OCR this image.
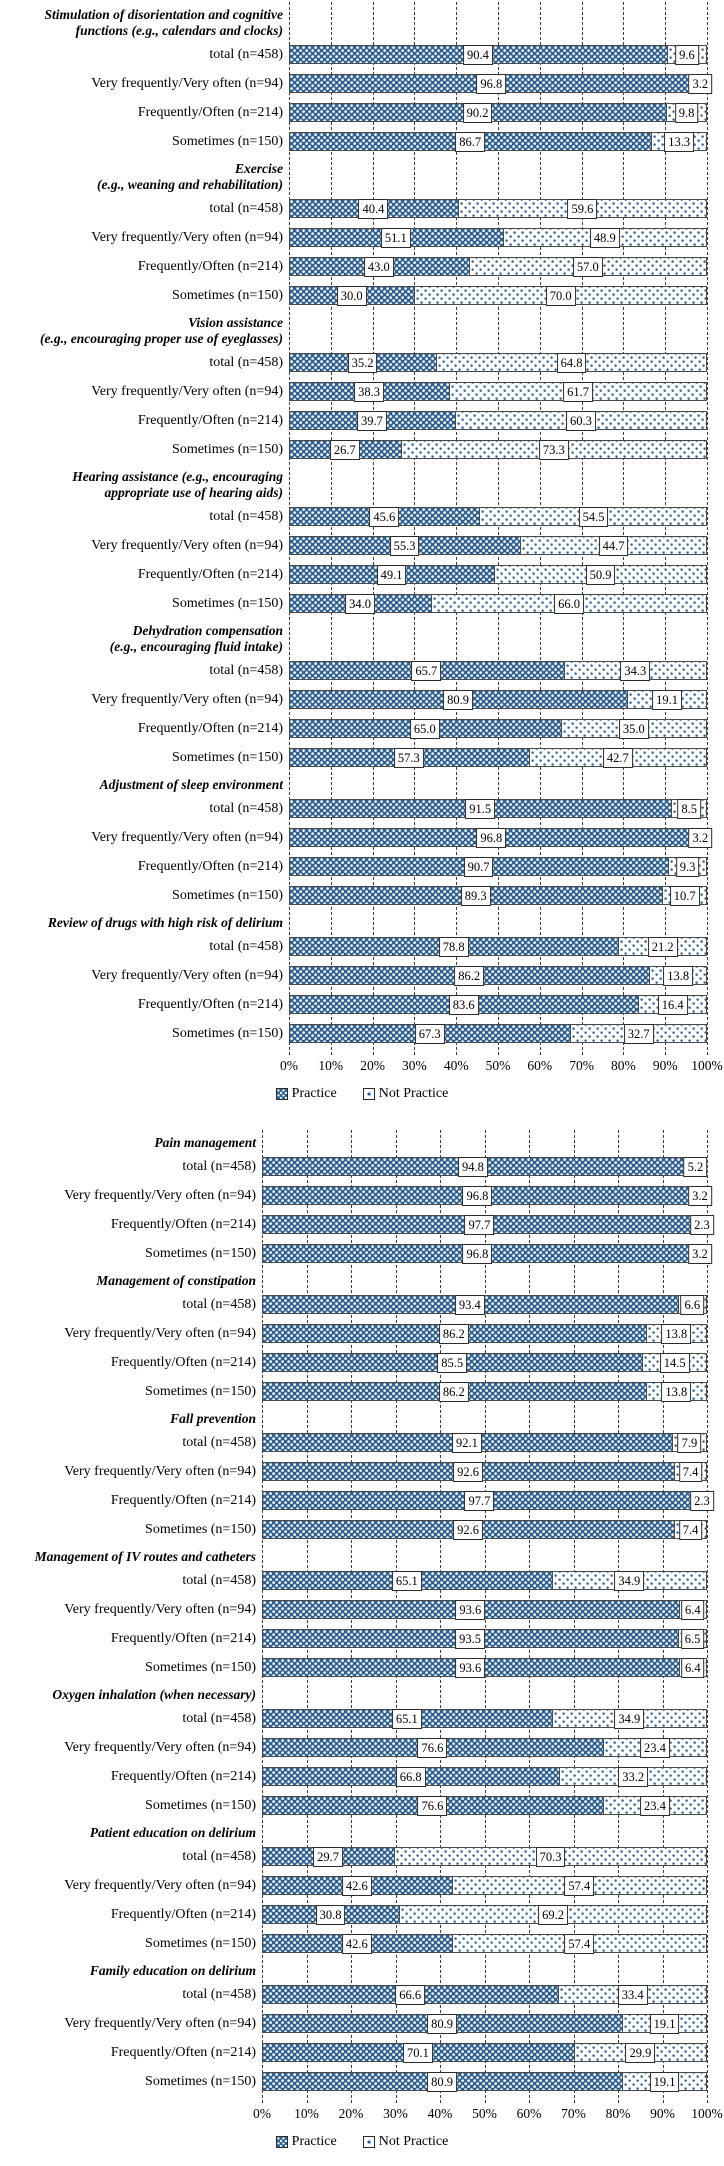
Stimulation of disorientation and cognitive
functions (e.g., calendars and clocks)
total (n=458)	90.4	9.6
Very frequently/Very often (n=94)	96.8	3.2
Frequently/Often (n=214)	90.2	9.8
Sometimes (n=150)	86.7	13.3
Exercise
(e.g., weaning and rehabilitation)
total (n=458)	40.4	59.6
Very frequently/Very often (n=94)	51.1	48.9
Frequently/Often (n=214)	43.0	57.0
Sometimes (n=150)	30.0	70.0
Vision assistance
(e.g., encouraging proper use of eyeglasses)
total (n=458)	35.2	64.8
Very frequently/Very often (n=94)	38.3	61.7
Frequently/Often (n=214)	39.7	60.3
Sometimes (n=150)	26.7	73.3
Hearing assistance (e.g., encouraging
appropriate use of hearing aids)
total (n=458)	45.6	54.5
Very frequently/Very often (n=94)	55.3	44.7
Frequently/Often (n=214)	49.1	50.9
Sometimes (n=150)	34.0	66.0
Dehydration compensation
(e.g., encouraging fluid intake)
total (n=458)	65.7	34.3
Very frequently/Very often (n=94)	80.9	19.1
Frequently/Often (n=214)	65.0	35.0
Sometimes (n=150)	57.3	42.7
Adjustment of sleep environment
total (n=458)	91.5	8.5
Very frequently/Very often (n=94)	96.8	3.2
Frequently/Often (n=214)	90.7	9.3
Sometimes (n=150)	89.3	10.7
Review of drugs with high risk of delirium
total (n=458)	78.8	21.2
Very frequently/Very often (n=94)	86.2	13.8
Frequently/Often (n=214)	83.6	16.4
Sometimes (n=150)	67.3	32.7
0% 10% 20% 30% 40% 50% 60% 70% 80% 90% 100%
Practice	Not Practice
Pain management
total (n=458)	94.8	5.2
Very frequently/Very often (n=94)	96.8	3.2
Frequently/Often (n=214)	97.7	2.3
Sometimes (n=150)	96.8	3.2
Management of constipation
total (n=458)	93.4	6.6
Very frequently/Very often (n=94)	86.2	13.8
Frequently/Often (n=214)	85.5	14.5
Sometimes (n=150)	86.2	13.8
Fall prevention
total (n=458)	92.1	7.9
Very frequently/Very often (n=94)	92.6	7.4
Frequently/Often (n=214)	97.7	2.3
Sometimes (n=150)	92.6	7.4
Management of IV routes and catheters
total (n=458)	65.1	34.9
Very frequently/Very often (n=94)	93.6	6.4
Frequently/Often (n=214)	93.5	6.5
Sometimes (n=150)	93.6	6.4
Oxygen inhalation (when necessary)
total (n=458)	65.1	34.9
Very frequently/Very often (n=94)	76.6	23.4
Frequently/Often (n=214)	66.8	33.2
Sometimes (n=150)	76.6	23.4
Patient education on delirium
total (n=458)	29.7	70.3
Very frequently/Very often (n=94)	42.6	57.4
Frequently/Often (n=214)	30.8	69.2
Sometimes (n=150)	42.6	57.4
Family education on delirium
total (n=458)	66.6	33.4
Very frequently/Very often (n=94)	80.9	19.1
Frequently/Often (n=214)	70.1	29.9
Sometimes (n=150)	80.9	19.1
0% 10% 20% 30% 40% 50% 60% 70% 80% 90% 100%
Practice	Not Practice
